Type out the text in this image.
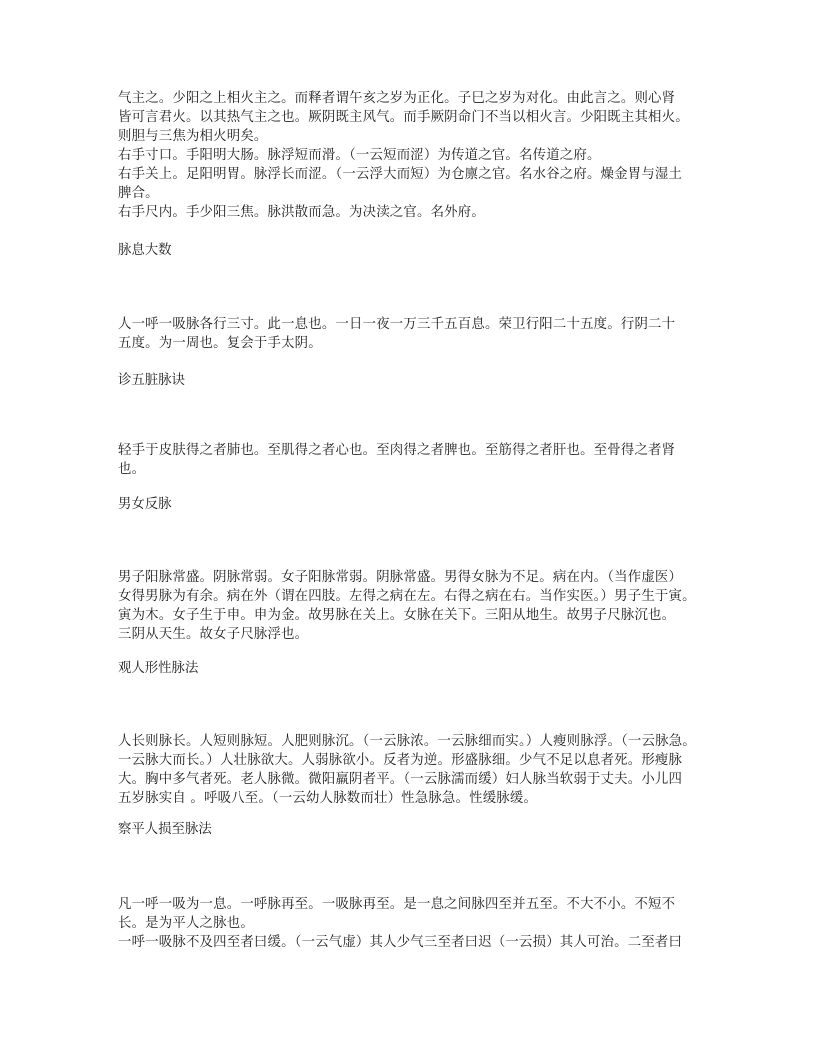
气主之。少阳之上相火主之。而释者谓午亥之岁为正化。子巳之岁为对化。由此言之。则心肾
皆可言君火。以其热气主之也。厥阴既主风气。而手厥阴命门不当以相火言。少阳既主其相火。
则胆与三焦为相火明矣。
右手寸口。手阳明大肠。脉浮短而滑。（一云短而涩）为传道之官。名传道之府。
右手关上。足阳明胃。脉浮长而涩。（一云浮大而短）为仓廪之官。名水谷之府。燥金胃与湿土
脾合。
右手尺内。手少阳三焦。脉洪散而急。为决渎之官。名外府。
脉息大数
人一呼一吸脉各行三寸。此一息也。一日一夜一万三千五百息。荣卫行阳二十五度。行阴二十
五度。为一周也。复会于手太阴。
诊五脏脉诀
轻手于皮肤得之者肺也。至肌得之者心也。至肉得之者脾也。至筋得之者肝也。至骨得之者肾
也。
男女反脉
男子阳脉常盛。阴脉常弱。女子阳脉常弱。阴脉常盛。男得女脉为不足。病在内。（当作虚医）
女得男脉为有余。病在外（谓在四肢。左得之病在左。右得之病在右。当作实医。）男子生于寅。
寅为木。女子生于申。申为金。故男脉在关上。女脉在关下。三阳从地生。故男子尺脉沉也。
三阴从天生。故女子尺脉浮也。
观人形性脉法
人长则脉长。人短则脉短。人肥则脉沉。（一云脉浓。一云脉细而实。）人瘦则脉浮。（一云脉急。
一云脉大而长。）人壮脉欲大。人弱脉欲小。反者为逆。形盛脉细。少气不足以息者死。形瘦脉
大。胸中多气者死。老人脉微。微阳羸阴者平。（一云脉濡而缓）妇人脉当软弱于丈夫。小儿四
五岁脉实自 。呼吸八至。（一云幼人脉数而壮）性急脉急。性缓脉缓。
察平人损至脉法
凡一呼一吸为一息。一呼脉再至。一吸脉再至。是一息之间脉四至并五至。不大不小。不短不
长。是为平人之脉也。
一呼一吸脉不及四至者曰缓。（一云气虚）其人少气三至者曰迟（一云损）其人可治。二至者曰
